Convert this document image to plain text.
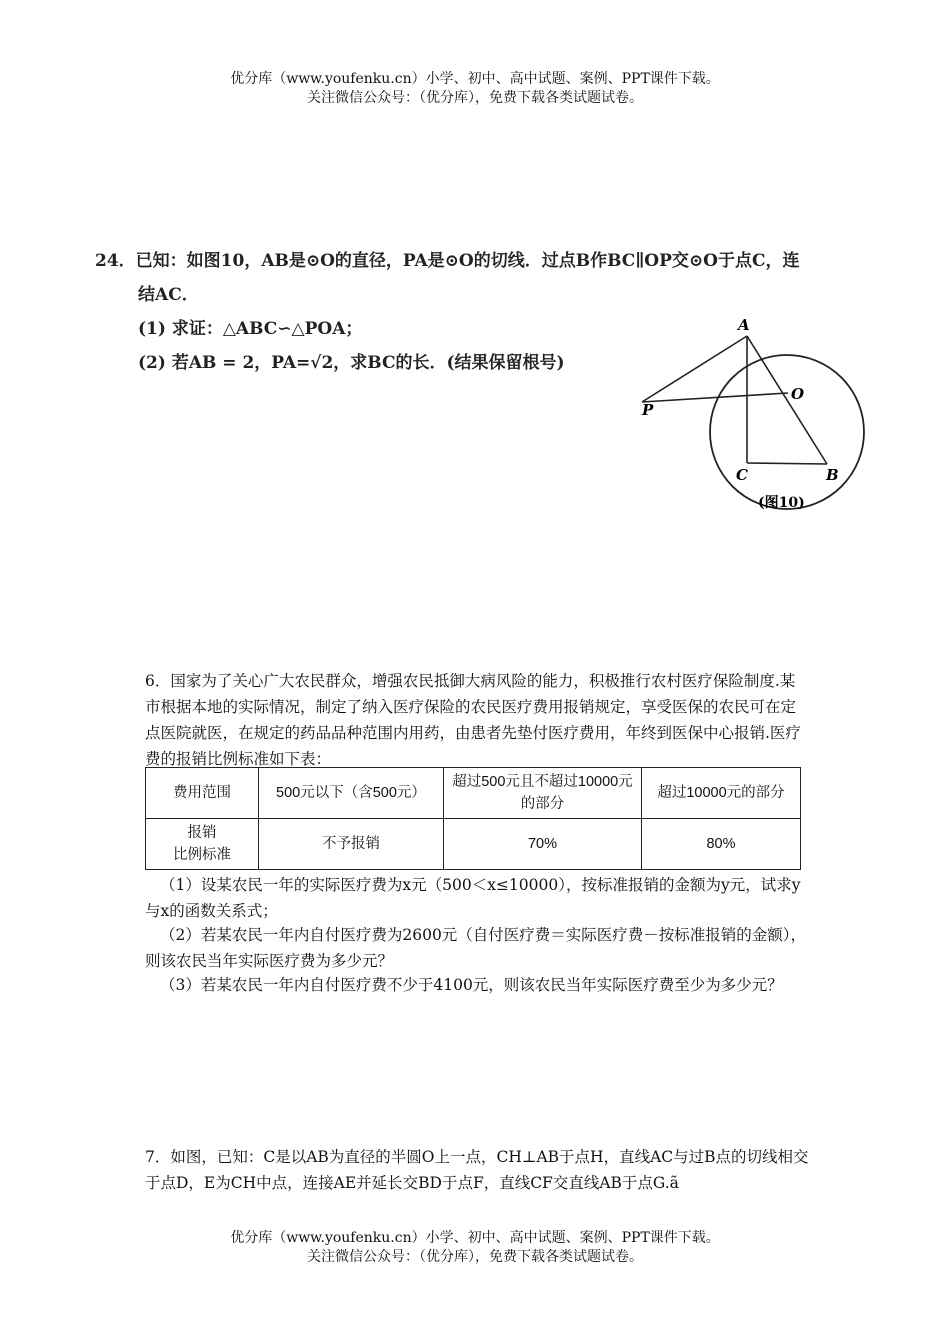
优分库（www.youfenku.cn）小学、初中、高中试题、案例、PPT课件下载。
关注微信公众号：（优分库），免费下载各类试题试卷。
24．已知：如图10，AB是⊙O的直径，PA是⊙O的切线．过点B作BC∥OP交⊙O于点C，连
结AC．
(1) 求证：△ABC∽△POA；
(2) 若AB = 2，PA=√2，求BC的长．(结果保留根号)
A
O
P
C	B
(图10)
6．国家为了关心广大农民群众，增强农民抵御大病风险的能力，积极推行农村医疗保险制度.某市根据本地的实际情况，制定了纳入医疗保险的农民医疗费用报销规定，享受医保的农民可在定点医院就医，在规定的药品品种范围内用药，由患者先垫付医疗费用，年终到医保中心报销.医疗费的报销比例标准如下表：
费用范围	500元以下（含500元）	超过500元且不超过10000元的部分	超过10000元的部分

报销
比例标准	不予报销	70%	80%
（1）设某农民一年的实际医疗费为x元（500＜x≤10000），按标准报销的金额为y元，试求y与x的函数关系式；
（2）若某农民一年内自付医疗费为2600元（自付医疗费＝实际医疗费－按标准报销的金额），则该农民当年实际医疗费为多少元？
（3）若某农民一年内自付医疗费不少于4100元，则该农民当年实际医疗费至少为多少元？
7．如图，已知：C是以AB为直径的半圆O上一点，CH⊥AB于点H，直线AC与过B点的切线相交于点D，E为CH中点，连接AE并延长交BD于点F，直线CF交直线AB于点G.ã
优分库（www.youfenku.cn）小学、初中、高中试题、案例、PPT课件下载。
关注微信公众号：（优分库），免费下载各类试题试卷。
